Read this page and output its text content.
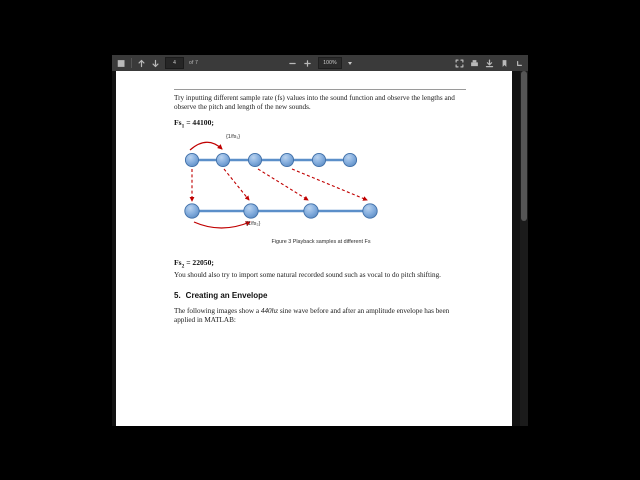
4	of 7	100%

Try inputting different sample rate (fs) values into the sound function and observe the lengths and observe the pitch and length of the new sounds.

$Fs_1 = 44100$;

{1/fs₁}
{1/fs₂}
Figure 3 Playback samples at different Fs

$Fs_2 = 22050$;

You should also try to import some natural recorded sound such as vocal to do pitch shifting.

5. Creating an Envelope

The following images show a 440hz sine wave before and after an amplitude envelope has been applied in MATLAB:
